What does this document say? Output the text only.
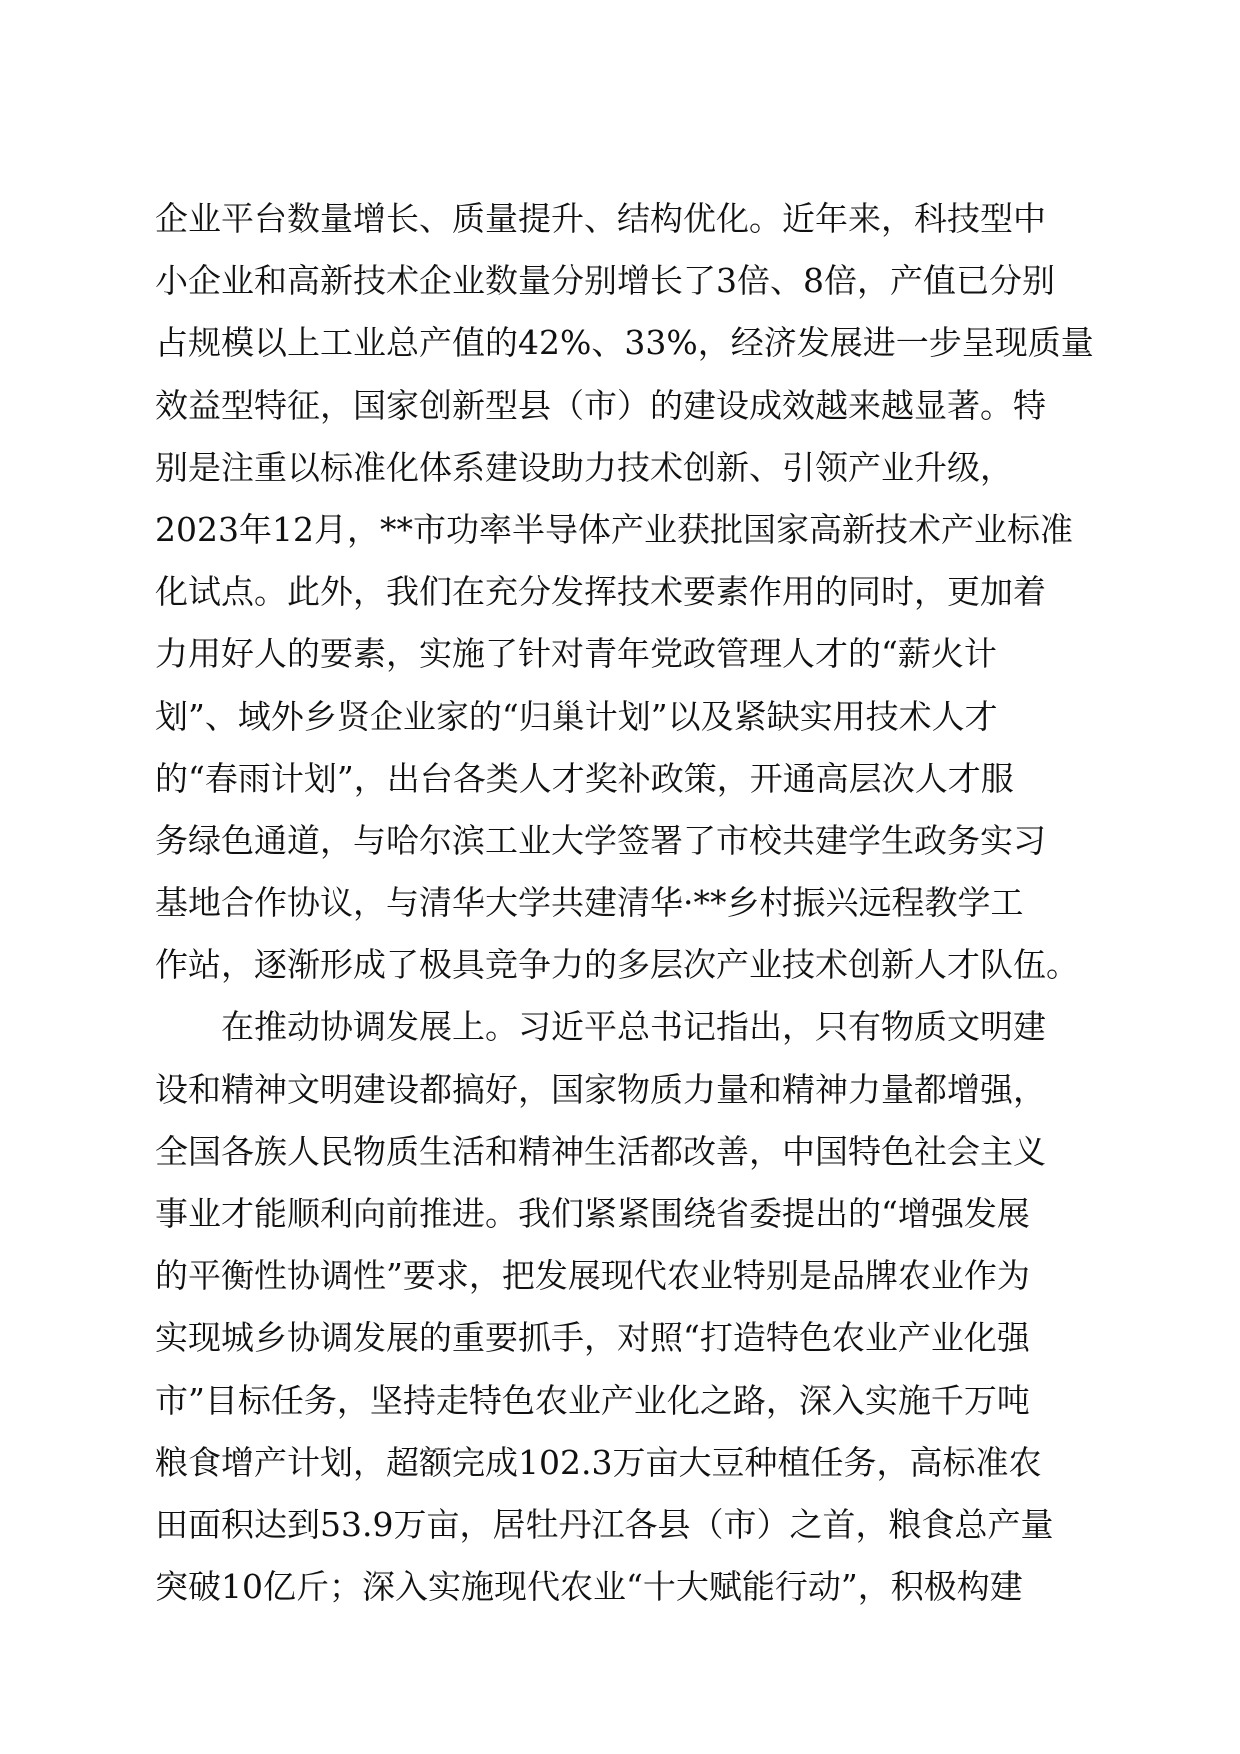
企业平台数量增长、质量提升、结构优化。近年来，科技型中
小企业和高新技术企业数量分别增长了3倍、8倍，产值已分别
占规模以上工业总产值的42%、33%，经济发展进一步呈现质量
效益型特征，国家创新型县（市）的建设成效越来越显著。特
别是注重以标准化体系建设助力技术创新、引领产业升级，
2023年12月，**市功率半导体产业获批国家高新技术产业标准
化试点。此外，我们在充分发挥技术要素作用的同时，更加着
力用好人的要素，实施了针对青年党政管理人才的“薪火计
划”、域外乡贤企业家的“归巢计划”以及紧缺实用技术人才
的“春雨计划”，出台各类人才奖补政策，开通高层次人才服
务绿色通道，与哈尔滨工业大学签署了市校共建学生政务实习
基地合作协议，与清华大学共建清华·**乡村振兴远程教学工
作站，逐渐形成了极具竞争力的多层次产业技术创新人才队伍。
在推动协调发展上。习近平总书记指出，只有物质文明建
设和精神文明建设都搞好，国家物质力量和精神力量都增强，
全国各族人民物质生活和精神生活都改善，中国特色社会主义
事业才能顺利向前推进。我们紧紧围绕省委提出的“增强发展
的平衡性协调性”要求，把发展现代农业特别是品牌农业作为
实现城乡协调发展的重要抓手，对照“打造特色农业产业化强
市”目标任务，坚持走特色农业产业化之路，深入实施千万吨
粮食增产计划，超额完成102.3万亩大豆种植任务，高标准农
田面积达到53.9万亩，居牡丹江各县（市）之首，粮食总产量
突破10亿斤；深入实施现代农业“十大赋能行动”，积极构建
